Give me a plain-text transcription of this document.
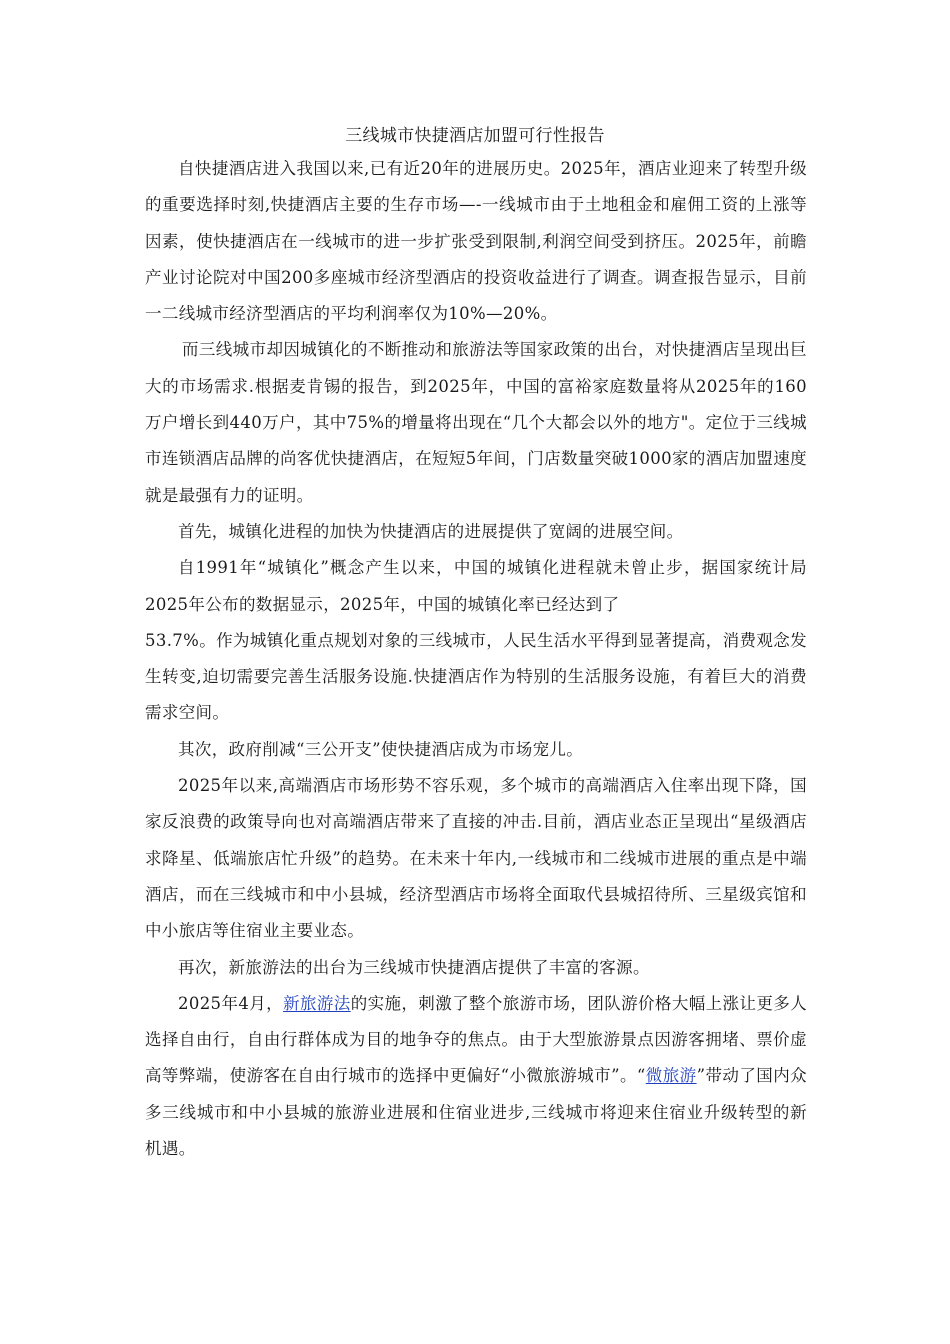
三线城市快捷酒店加盟可行性报告

自快捷酒店进入我国以来,已有近20年的进展历史。2025年，酒店业迎来了转型升级的重要选择时刻,快捷酒店主要的生存市场—-一线城市由于土地租金和雇佣工资的上涨等因素，使快捷酒店在一线城市的进一步扩张受到限制,利润空间受到挤压。2025年，前瞻产业讨论院对中国200多座城市经济型酒店的投资收益进行了调查。调查报告显示，目前一二线城市经济型酒店的平均利润率仅为10%—20%。

而三线城市却因城镇化的不断推动和旅游法等国家政策的出台，对快捷酒店呈现出巨大的市场需求.根据麦肯锡的报告，到2025年，中国的富裕家庭数量将从2025年的160万户增长到440万户，其中75%的增量将出现在“几个大都会以外的地方"。定位于三线城市连锁酒店品牌的尚客优快捷酒店，在短短5年间，门店数量突破1000家的酒店加盟速度就是最强有力的证明。

首先，城镇化进程的加快为快捷酒店的进展提供了宽阔的进展空间。

自1991年“城镇化”概念产生以来，中国的城镇化进程就未曾止步，据国家统计局2025年公布的数据显示，2025年，中国的城镇化率已经达到了

53.7%。作为城镇化重点规划对象的三线城市，人民生活水平得到显著提高，消费观念发生转变,迫切需要完善生活服务设施.快捷酒店作为特别的生活服务设施，有着巨大的消费需求空间。

其次，政府削减“三公开支”使快捷酒店成为市场宠儿。

2025年以来,高端酒店市场形势不容乐观，多个城市的高端酒店入住率出现下降，国家反浪费的政策导向也对高端酒店带来了直接的冲击.目前，酒店业态正呈现出“星级酒店求降星、低端旅店忙升级”的趋势。在未来十年内,一线城市和二线城市进展的重点是中端酒店，而在三线城市和中小县城，经济型酒店市场将全面取代县城招待所、三星级宾馆和中小旅店等住宿业主要业态。

再次，新旅游法的出台为三线城市快捷酒店提供了丰富的客源。

2025年4月，新旅游法的实施，刺激了整个旅游市场，团队游价格大幅上涨让更多人选择自由行，自由行群体成为目的地争夺的焦点。由于大型旅游景点因游客拥堵、票价虚高等弊端，使游客在自由行城市的选择中更偏好“小微旅游城市”。“微旅游”带动了国内众多三线城市和中小县城的旅游业进展和住宿业进步,三线城市将迎来住宿业升级转型的新机遇。
